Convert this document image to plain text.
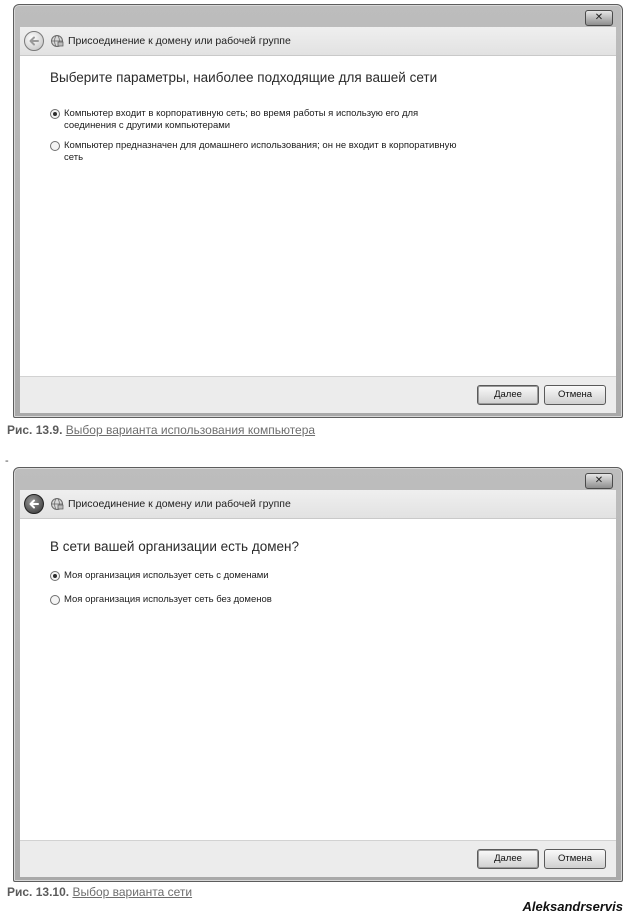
✕
Присоединение к домену или рабочей группе
Выберите параметры, наиболее подходящие для вашей сети
Компьютер входит в корпоративную сеть; во время работы я использую его для соединения с другими компьютерами
Компьютер предназначен для домашнего использования; он не входит в корпоративную сеть
Далее	Отмена
Рис. 13.9. Выбор варианта использования компьютера
-
✕
Присоединение к домену или рабочей группе
В сети вашей организации есть домен?
Моя организация использует сеть с доменами
Моя организация использует сеть без доменов
Далее	Отмена
Рис. 13.10. Выбор варианта сети
Aleksandrservis
